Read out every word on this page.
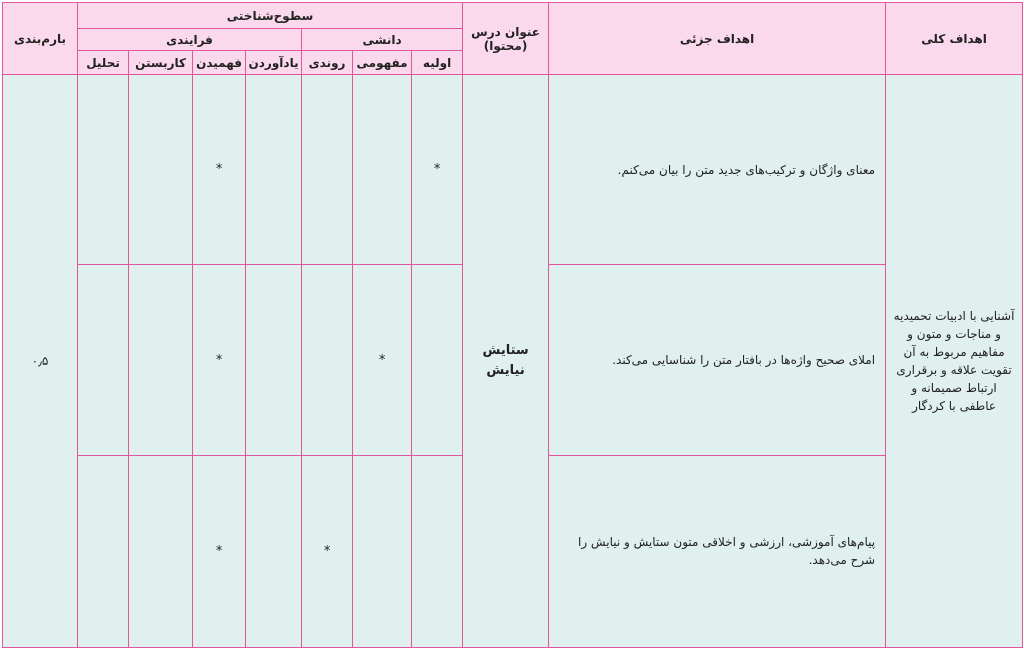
اهداف کلی	اهداف جزئی	عنوان درس (محتوا)	سطوح‌شناختی							بارم‌بندی
			دانشی			فرایندی				
			اولیه	مفهومی	روندی	یادآوردن	فهمیدن	کاربستن	تحلیل	
آشنایی با ادبیات تحمیدیه و مناجات و متون و مفاهیم مربوط به آن تقویت علاقه و برقراری ارتباط صمیمانه و عاطفی با کردگار	معنای واژگان و ترکیب‌های جدید متن را بیان می‌کنم.	ستایش نیایش	*				*			۰٫۵
	املای صحیح واژه‌ها در بافتار متن را شناسایی می‌کند.			*			*			
	پیام‌های آموزشی، ارزشی و اخلاقی متون ستایش و نیایش را شرح می‌دهد.				*		*			
